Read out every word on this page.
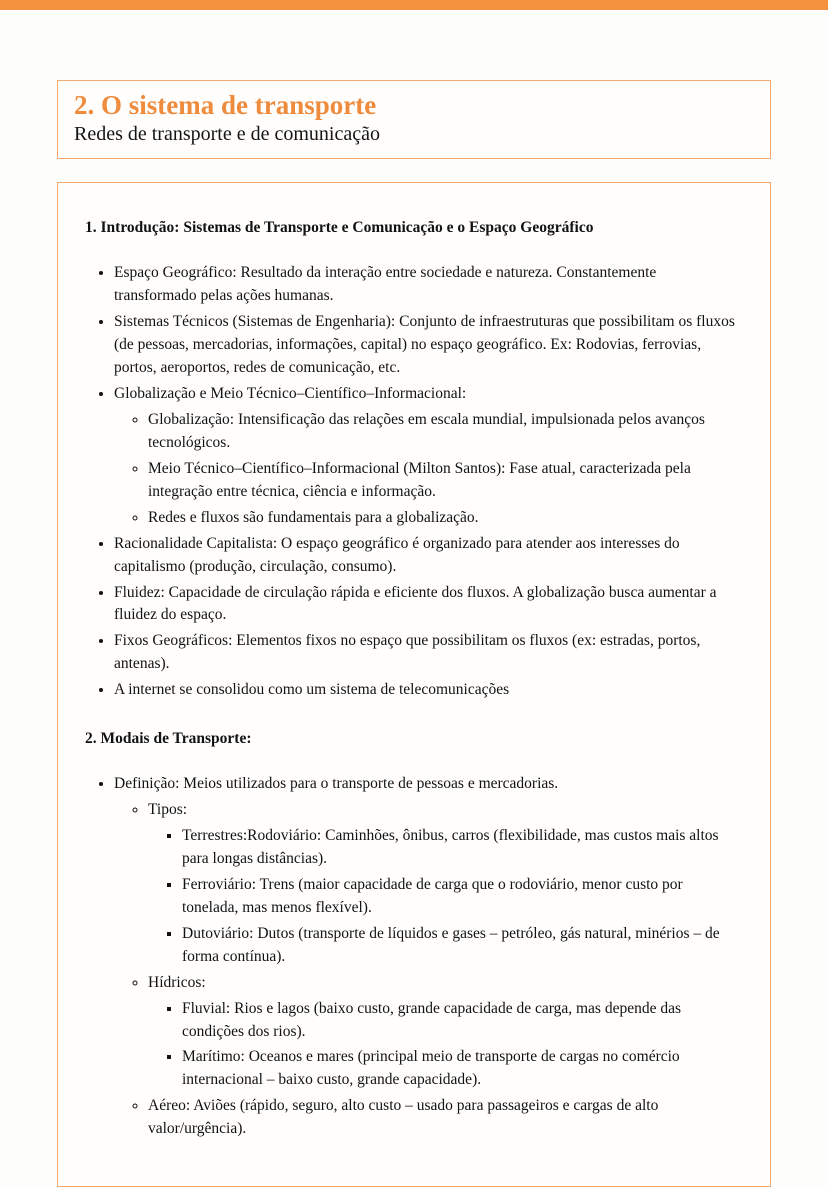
2. O sistema de transporte
Redes de transporte e de comunicação

1. Introdução: Sistemas de Transporte e Comunicação e o Espaço Geográfico

• Espaço Geográfico: Resultado da interação entre sociedade e natureza. Constantemente transformado pelas ações humanas.
• Sistemas Técnicos (Sistemas de Engenharia): Conjunto de infraestruturas que possibilitam os fluxos (de pessoas, mercadorias, informações, capital) no espaço geográfico. Ex: Rodovias, ferrovias, portos, aeroportos, redes de comunicação, etc.
• Globalização e Meio Técnico–Científico–Informacional:
◦ Globalização: Intensificação das relações em escala mundial, impulsionada pelos avanços tecnológicos.
◦ Meio Técnico–Científico–Informacional (Milton Santos): Fase atual, caracterizada pela integração entre técnica, ciência e informação.
◦ Redes e fluxos são fundamentais para a globalização.
• Racionalidade Capitalista: O espaço geográfico é organizado para atender aos interesses do capitalismo (produção, circulação, consumo).
• Fluidez: Capacidade de circulação rápida e eficiente dos fluxos. A globalização busca aumentar a fluidez do espaço.
• Fixos Geográficos: Elementos fixos no espaço que possibilitam os fluxos (ex: estradas, portos, antenas).
• A internet se consolidou como um sistema de telecomunicações

2. Modais de Transporte:

• Definição: Meios utilizados para o transporte de pessoas e mercadorias.
◦ Tipos:
▪ Terrestres:Rodoviário: Caminhões, ônibus, carros (flexibilidade, mas custos mais altos para longas distâncias).
▪ Ferroviário: Trens (maior capacidade de carga que o rodoviário, menor custo por tonelada, mas menos flexível).
▪ Dutoviário: Dutos (transporte de líquidos e gases – petróleo, gás natural, minérios – de forma contínua).
◦ Hídricos:
▪ Fluvial: Rios e lagos (baixo custo, grande capacidade de carga, mas depende das condições dos rios).
▪ Marítimo: Oceanos e mares (principal meio de transporte de cargas no comércio internacional – baixo custo, grande capacidade).
◦ Aéreo: Aviões (rápido, seguro, alto custo – usado para passageiros e cargas de alto valor/urgência).
